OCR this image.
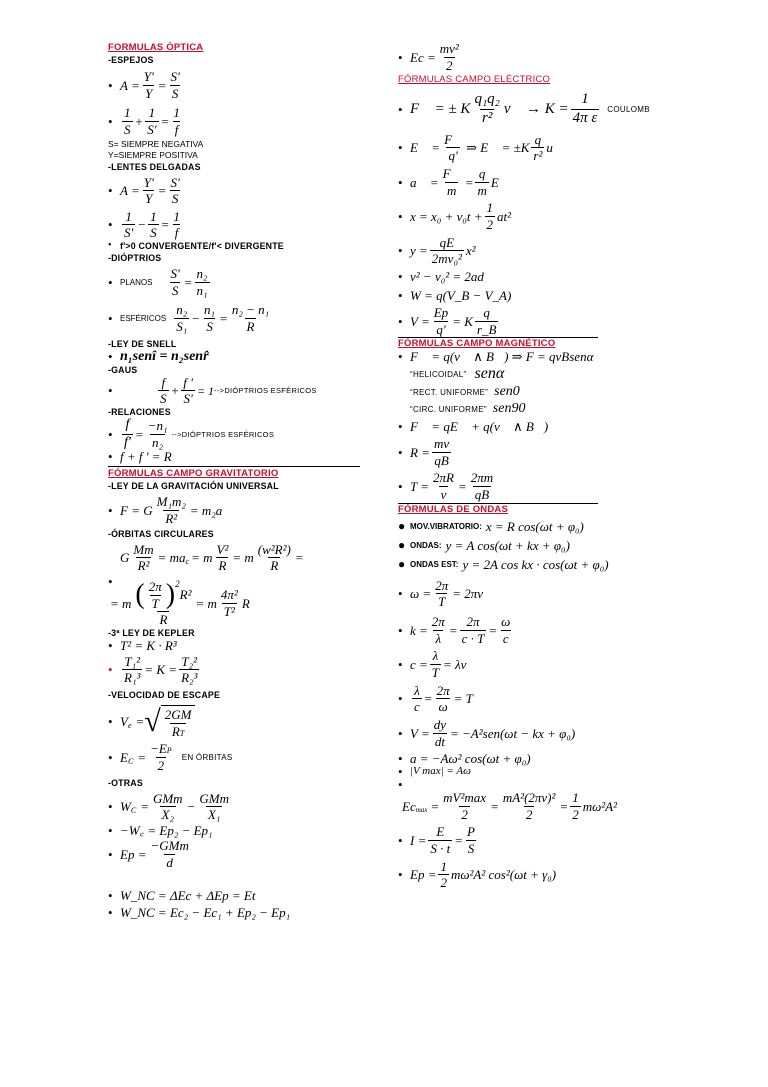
FORMULAS ÓPTICA
-ESPEJOS
• $A = \frac{Y'}{Y} = \frac{S'}{S}$
• $\frac{1}{S} + \frac{1}{S'} = \frac{1}{f}$
S= SIEMPRE NEGATIVA
Y=SIEMPRE POSITIVA
-LENTES DELGADAS
• $A = \frac{Y'}{Y} = \frac{S'}{S}$
• $\frac{1}{S'} - \frac{1}{S} = \frac{1}{f}$
• f'>0 CONVERGENTE/f'< DIVERGENTE
-DIÓPTRIOS
• PLANOS $\frac{S'}{S} = \frac{\text{n₂}}{\text{n₁}}$
• ESFÉRICOS $\frac{\text{n₂}}{\text{S₁}} - \frac{\text{n₁}}{S} = \frac{\text{n₂ − n₁}}{R}$
-LEY DE SNELL
• n₁senî = n₂senr̂
-GAUS
•	$\frac{f}{S} + \frac{f '}{S'} = 1$ -->DIÓPTRIOS ESFÉRICOS
-RELACIONES
• $\frac{f}{f'} = \frac{\text{−n₁}}{\text{n₂}}$ -->DIÓPTRIOS ESFÉRICOS
• f + f ' = R
FÓRMULAS CAMPO GRAVITATORIO
-LEY DE LA GRAVITACIÓN UNIVERSAL
• F = G $\frac{\text{M₁m₂}}{\text{R²}} = m_2a$
-ÓRBITAS CIRCULARES
G $\frac{Mm}{\text{R²}}$ = ma c = m $\frac{\text{V²}}{R} = m \frac{\text{(w²R²)}}{R}$ =
•
= m ( $\frac{2\pi}{T} )^2$
R²
R = m $\frac{\text{4π²}}{\text{T²}}$ R
-3ª LEY DE KEPLER
• T² = K · R³
• $\frac{\text{T₁²}}{\text{R₁³}} = K = \frac{\text{T₂²}}{\text{R₂³}}$
-VELOCIDAD DE ESCAPE
• V e = √ $\frac{2GM}{RT}$
• E $C = \frac{-EP}{2}$ EN ÓRBITAS
-OTRAS
• W $C = \frac{\text{GMm}}{\text{X₂}} - \frac{\text{GMm}}{\text{X₁}}$
• −W꜀ = Ep₂ − Ep₁
• $Ep = \frac{\text{−GMm}}{d}$
• W_NC = ΔEc + ΔEp = Et
• W_NC = Ec₂ − Ec₁ + Ep₂ − Ep₁
• $Ec = \frac{\text{mv²}}{2}$
FÓRMULAS CAMPO ELÉCTRICO
• F⃗ = ± K $\frac{\text{q₁q₂}}{\text{r²}}$ v⃗ → $K = \frac{1}{\text{4π ε}}$ COULOMB
• E⃗ = $\frac{F⃗}{q'}$ ⇒ E⃗ = $\pm K \frac{q}{\text{r²}}$ u⃗
• a⃗ = $\frac{F⃗}{m} = \frac{q}{m}$ E⃗
• $x = x_0 + v_0t + \frac{1}{2} at^2$
• $y = \frac{qE}{\text{2mv₀²}} x^2$
• v² − v₀² = 2ad
• W = q(V_B − V_A)
• $V = \frac{Ep}{q'} = K \frac{q}{r\_B}$
FÓRMULAS CAMPO MAGNÉTICO
• F⃗ = q(v⃗ ∧ B⃗) ⇒ F = qvBsenα
“HELICOIDAL” senα
“RECT. UNIFORME” sen0
“CIRC. UNIFORME” sen90
• F⃗ = qE⃗ + q(v⃗ ∧ B⃗)
• $R = \frac{mv}{qB}$
• $T = \frac{2\pi R}{v} = \frac{2\pi m}{qB}$
FÓRMULAS DE ONDAS
● MOV.VIBRATORIO: x = R cos(ωt + φ₀)
● ONDAS: y = A cos(ωt + kx + φ₀)
● ONDAS EST: y = 2A cos kx · cos(ωt + φ₀)
• $\omega = \frac{2\pi}{T} = 2\pi\nu$
• $k = \frac{2\pi}{\lambda} = \frac{2\pi}{c \cdot T} = \frac{\omega}{c}$
• $c = \frac{\lambda}{T} = \lambda\nu$
• $\frac{\lambda}{c} = \frac{2\pi}{\omega} = T$
• $V = \frac{dy}{dt} = -A^2sen(\omega t$ − kx + φ₀)
• a = −Aω² cos(ωt + φ₀)
• |V max| = Aω
•
Ec $\max = \frac{\text{mV²max}}{2} = \frac{\text{mA²(2πν)²}}{2} = \frac{1}{2} m\omega^2A^2$
• $I = \frac{E}{S \cdot t} = \frac{P}{S}$
• $Ep = \frac{1}{2} m\omega^2A^2$ cos²(ωt + γ₀)
